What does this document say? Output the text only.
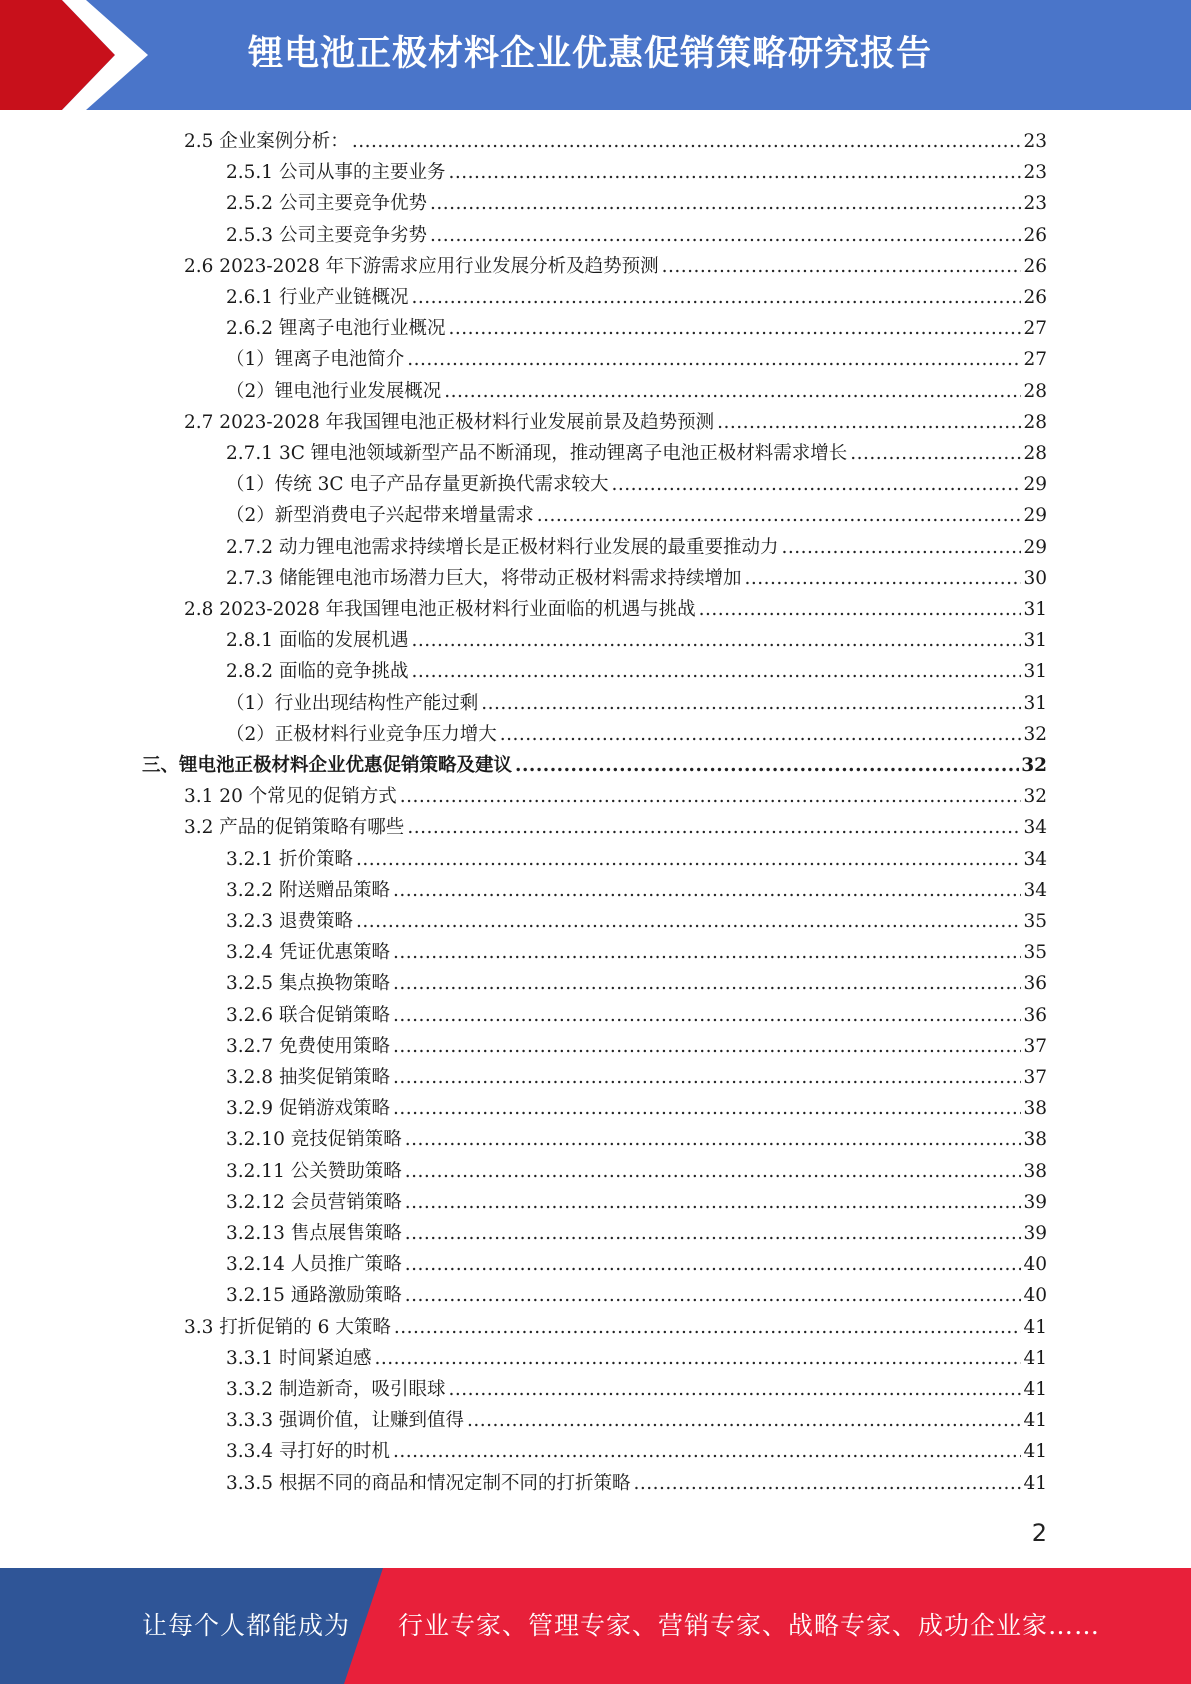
锂电池正极材料企业优惠促销策略研究报告
2.5 企业案例分析： .....	23
2.5.1 公司从事的主要业务 .....	23
2.5.2 公司主要竞争优势 .....	23
2.5.3 公司主要竞争劣势 .....	26
2.6 2023-2028 年下游需求应用行业发展分析及趋势预测 .....	26
2.6.1 行业产业链概况 .....	26
2.6.2 锂离子电池行业概况 .....	27
（1）锂离子电池简介 .....	27
（2）锂电池行业发展概况 .....	28
2.7 2023-2028 年我国锂电池正极材料行业发展前景及趋势预测 .....	28
2.7.1 3C 锂电池领域新型产品不断涌现，推动锂离子电池正极材料需求增长 .....	28
（1）传统 3C 电子产品存量更新换代需求较大 .....	29
（2）新型消费电子兴起带来增量需求 .....	29
2.7.2 动力锂电池需求持续增长是正极材料行业发展的最重要推动力 .....	29
2.7.3 储能锂电池市场潜力巨大，将带动正极材料需求持续增加 .....	30
2.8 2023-2028 年我国锂电池正极材料行业面临的机遇与挑战 .....	31
2.8.1 面临的发展机遇 .....	31
2.8.2 面临的竞争挑战 .....	31
（1）行业出现结构性产能过剩 .....	31
（2）正极材料行业竞争压力增大 .....	32
三、锂电池正极材料企业优惠促销策略及建议 .....	32
3.1 20 个常见的促销方式 .....	32
3.2 产品的促销策略有哪些 .....	34
3.2.1 折价策略 .....	34
3.2.2 附送赠品策略 .....	34
3.2.3 退费策略 .....	35
3.2.4 凭证优惠策略 .....	35
3.2.5 集点换物策略 .....	36
3.2.6 联合促销策略 .....	36
3.2.7 免费使用策略 .....	37
3.2.8 抽奖促销策略 .....	37
3.2.9 促销游戏策略 .....	38
3.2.10 竞技促销策略 .....	38
3.2.11 公关赞助策略 .....	38
3.2.12 会员营销策略 .....	39
3.2.13 售点展售策略 .....	39
3.2.14 人员推广策略 .....	40
3.2.15 通路激励策略 .....	40
3.3 打折促销的 6 大策略 .....	41
3.3.1 时间紧迫感 .....	41
3.3.2 制造新奇，吸引眼球 .....	41
3.3.3 强调价值，让赚到值得 .....	41
3.3.4 寻打好的时机 .....	41
3.3.5 根据不同的商品和情况定制不同的打折策略 .....	41
2
让每个人都能成为 行业专家、管理专家、营销专家、战略专家、成功企业家……
